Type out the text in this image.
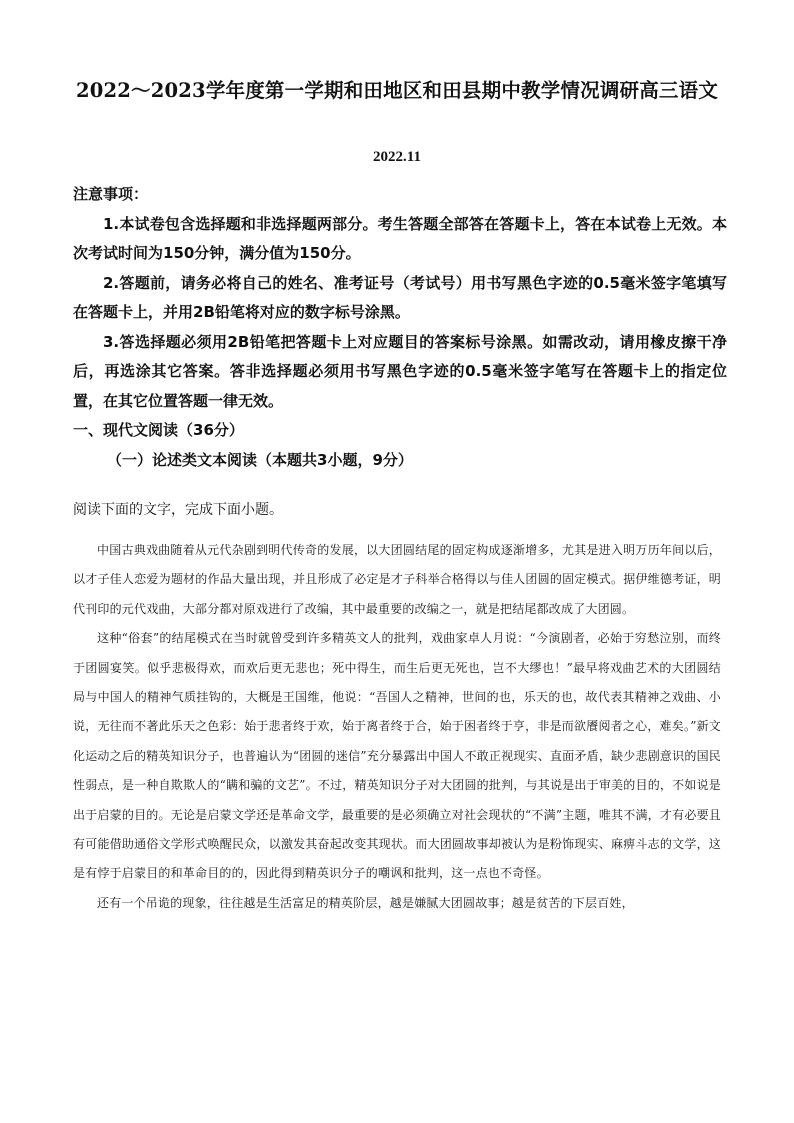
2022～2023学年度第一学期和田地区和田县期中教学情况调研高三语文
2022.11

注意事项：

1.本试卷包含选择题和非选择题两部分。考生答题全部答在答题卡上，答在本试卷上无效。本次考试时间为150分钟，满分值为150分。

2.答题前，请务必将自己的姓名、准考证号（考试号）用书写黑色字迹的0.5毫米签字笔填写在答题卡上，并用2B铅笔将对应的数字标号涂黑。

3.答选择题必须用2B铅笔把答题卡上对应题目的答案标号涂黑。如需改动，请用橡皮擦干净后，再选涂其它答案。答非选择题必须用书写黑色字迹的0.5毫米签字笔写在答题卡上的指定位置，在其它位置答题一律无效。

一、现代文阅读（36分）

（一）论述类文本阅读（本题共3小题，9分）

阅读下面的文字，完成下面小题。

中国古典戏曲随着从元代杂剧到明代传奇的发展，以大团圆结尾的固定构成逐渐增多，尤其是进入明万历年间以后，以才子佳人恋爱为题材的作品大量出现，并且形成了必定是才子科举合格得以与佳人团圆的固定模式。据伊维德考证，明代刊印的元代戏曲，大部分都对原戏进行了改编，其中最重要的改编之一，就是把结尾都改成了大团圆。

这种“俗套”的结尾模式在当时就曾受到许多精英文人的批判，戏曲家卓人月说：“今演剧者，必始于穷愁泣别，而终于团圆宴笑。似乎悲极得欢，而欢后更无悲也；死中得生，而生后更无死也，岂不大缪也！”最早将戏曲艺术的大团圆结局与中国人的精神气质挂钩的，大概是王国维，他说：“吾国人之精神，世间的也，乐天的也，故代表其精神之戏曲、小说，无往而不著此乐天之色彩：始于悲者终于欢，始于离者终于合，始于困者终于亨，非是而欲餍阅者之心，难矣。”新文化运动之后的精英知识分子，也普遍认为“团圆的迷信”充分暴露出中国人不敢正视现实、直面矛盾，缺少悲剧意识的国民性弱点，是一种自欺欺人的“瞒和骗的文艺”。不过，精英知识分子对大团圆的批判，与其说是出于审美的目的，不如说是出于启蒙的目的。无论是启蒙文学还是革命文学，最重要的是必须确立对社会现状的“不满”主题，唯其不满，才有必要且有可能借助通俗文学形式唤醒民众，以激发其奋起改变其现状。而大团圆故事却被认为是粉饰现实、麻痹斗志的文学，这是有悖于启蒙目的和革命目的的，因此得到精英识分子的嘲讽和批判，这一点也不奇怪。

还有一个吊诡的现象，往往越是生活富足的精英阶层，越是嫌腻大团圆故事；越是贫苦的下层百姓，
